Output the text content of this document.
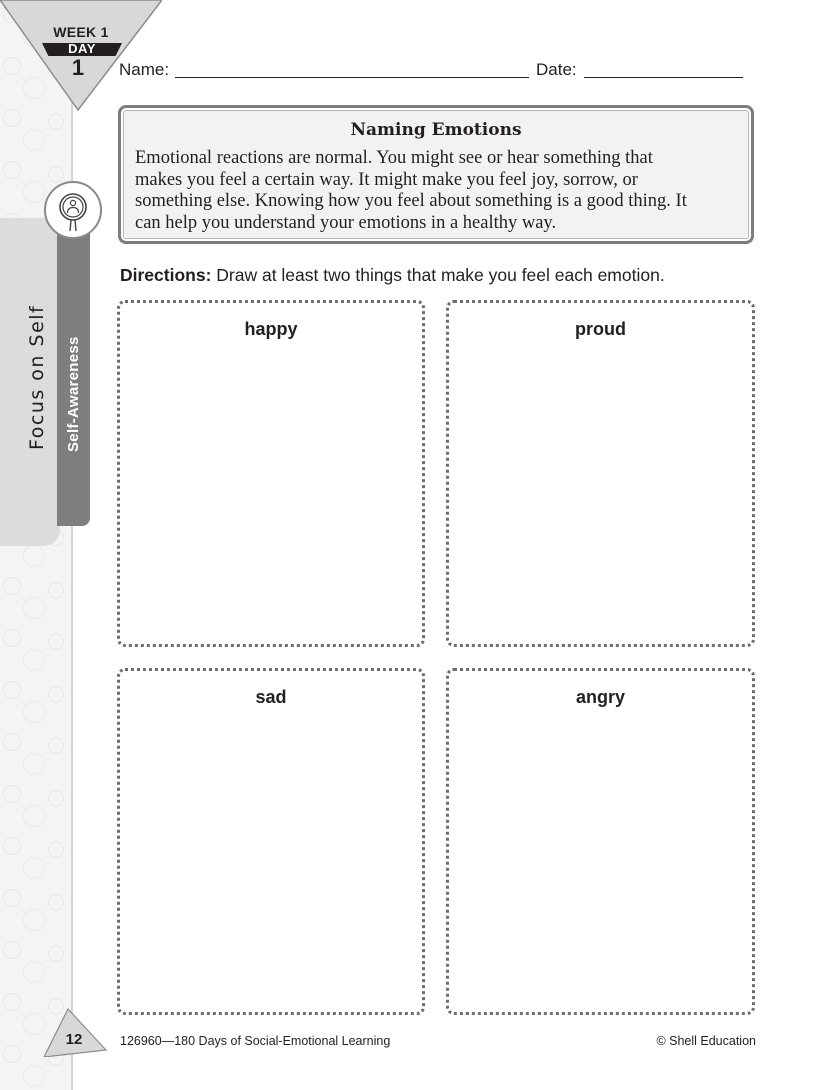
WEEK 1
DAY
1
Focus on Self Self-Awareness
Name:	Date:
Naming Emotions
Emotional reactions are normal. You might see or hear something that
makes you feel a certain way. It might make you feel joy, sorrow, or
something else. Knowing how you feel about something is a good thing. It
can help you understand your emotions in a healthy way.
Directions: Draw at least two things that make you feel each emotion.
happy	proud
sad	angry
12	126960—180 Days of Social-Emotional Learning	© Shell Education
